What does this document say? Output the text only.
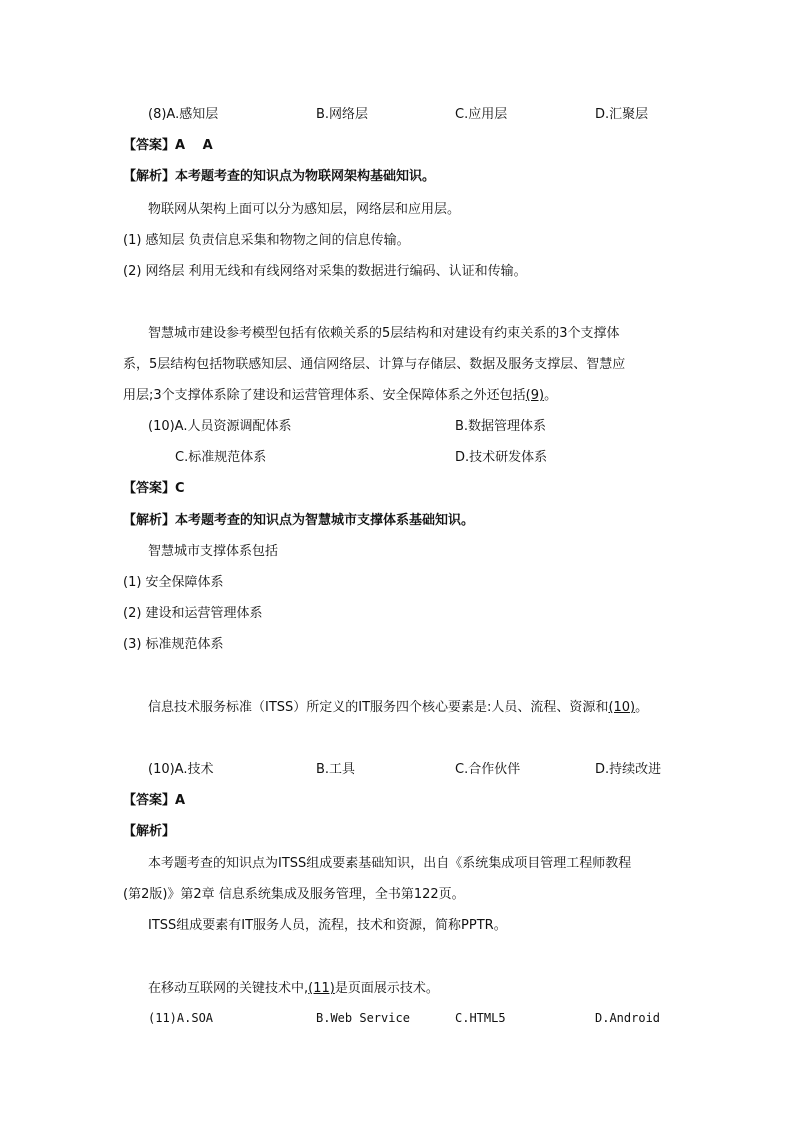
(8)A.感知层	B.网络层	C.应用层	D.汇聚层
【答案】A　 A
【解析】本考题考查的知识点为物联网架构基础知识。
物联网从架构上面可以分为感知层，网络层和应用层。
(1) 感知层 负责信息采集和物物之间的信息传输。
(2) 网络层 利用无线和有线网络对采集的数据进行编码、认证和传输。
智慧城市建设参考模型包括有依赖关系的5层结构和对建设有约束关系的3个支撑体
系，5层结构包括物联感知层、通信网络层、计算与存储层、数据及服务支撑层、智慧应
用层;3个支撑体系除了建设和运营管理体系、安全保障体系之外还包括(9)。
(10)A.人员资源调配体系	B.数据管理体系
C.标准规范体系	D.技术研发体系
【答案】C
【解析】本考题考查的知识点为智慧城市支撑体系基础知识。
智慧城市支撑体系包括
(1) 安全保障体系
(2) 建设和运营管理体系
(3) 标准规范体系
信息技术服务标准（ITSS）所定义的IT服务四个核心要素是:人员、流程、资源和(10)。
(10)A.技术	B.工具	C.合作伙伴	D.持续改进
【答案】A
【解析】
本考题考查的知识点为ITSS组成要素基础知识，出自《系统集成项目管理工程师教程
(第2版)》第2章 信息系统集成及服务管理，全书第122页。
ITSS组成要素有IT服务人员，流程，技术和资源，简称PPTR。
在移动互联网的关键技术中,(11)是页面展示技术。
(11)A.SOA	B.Web Service	C.HTML5	D.Android
